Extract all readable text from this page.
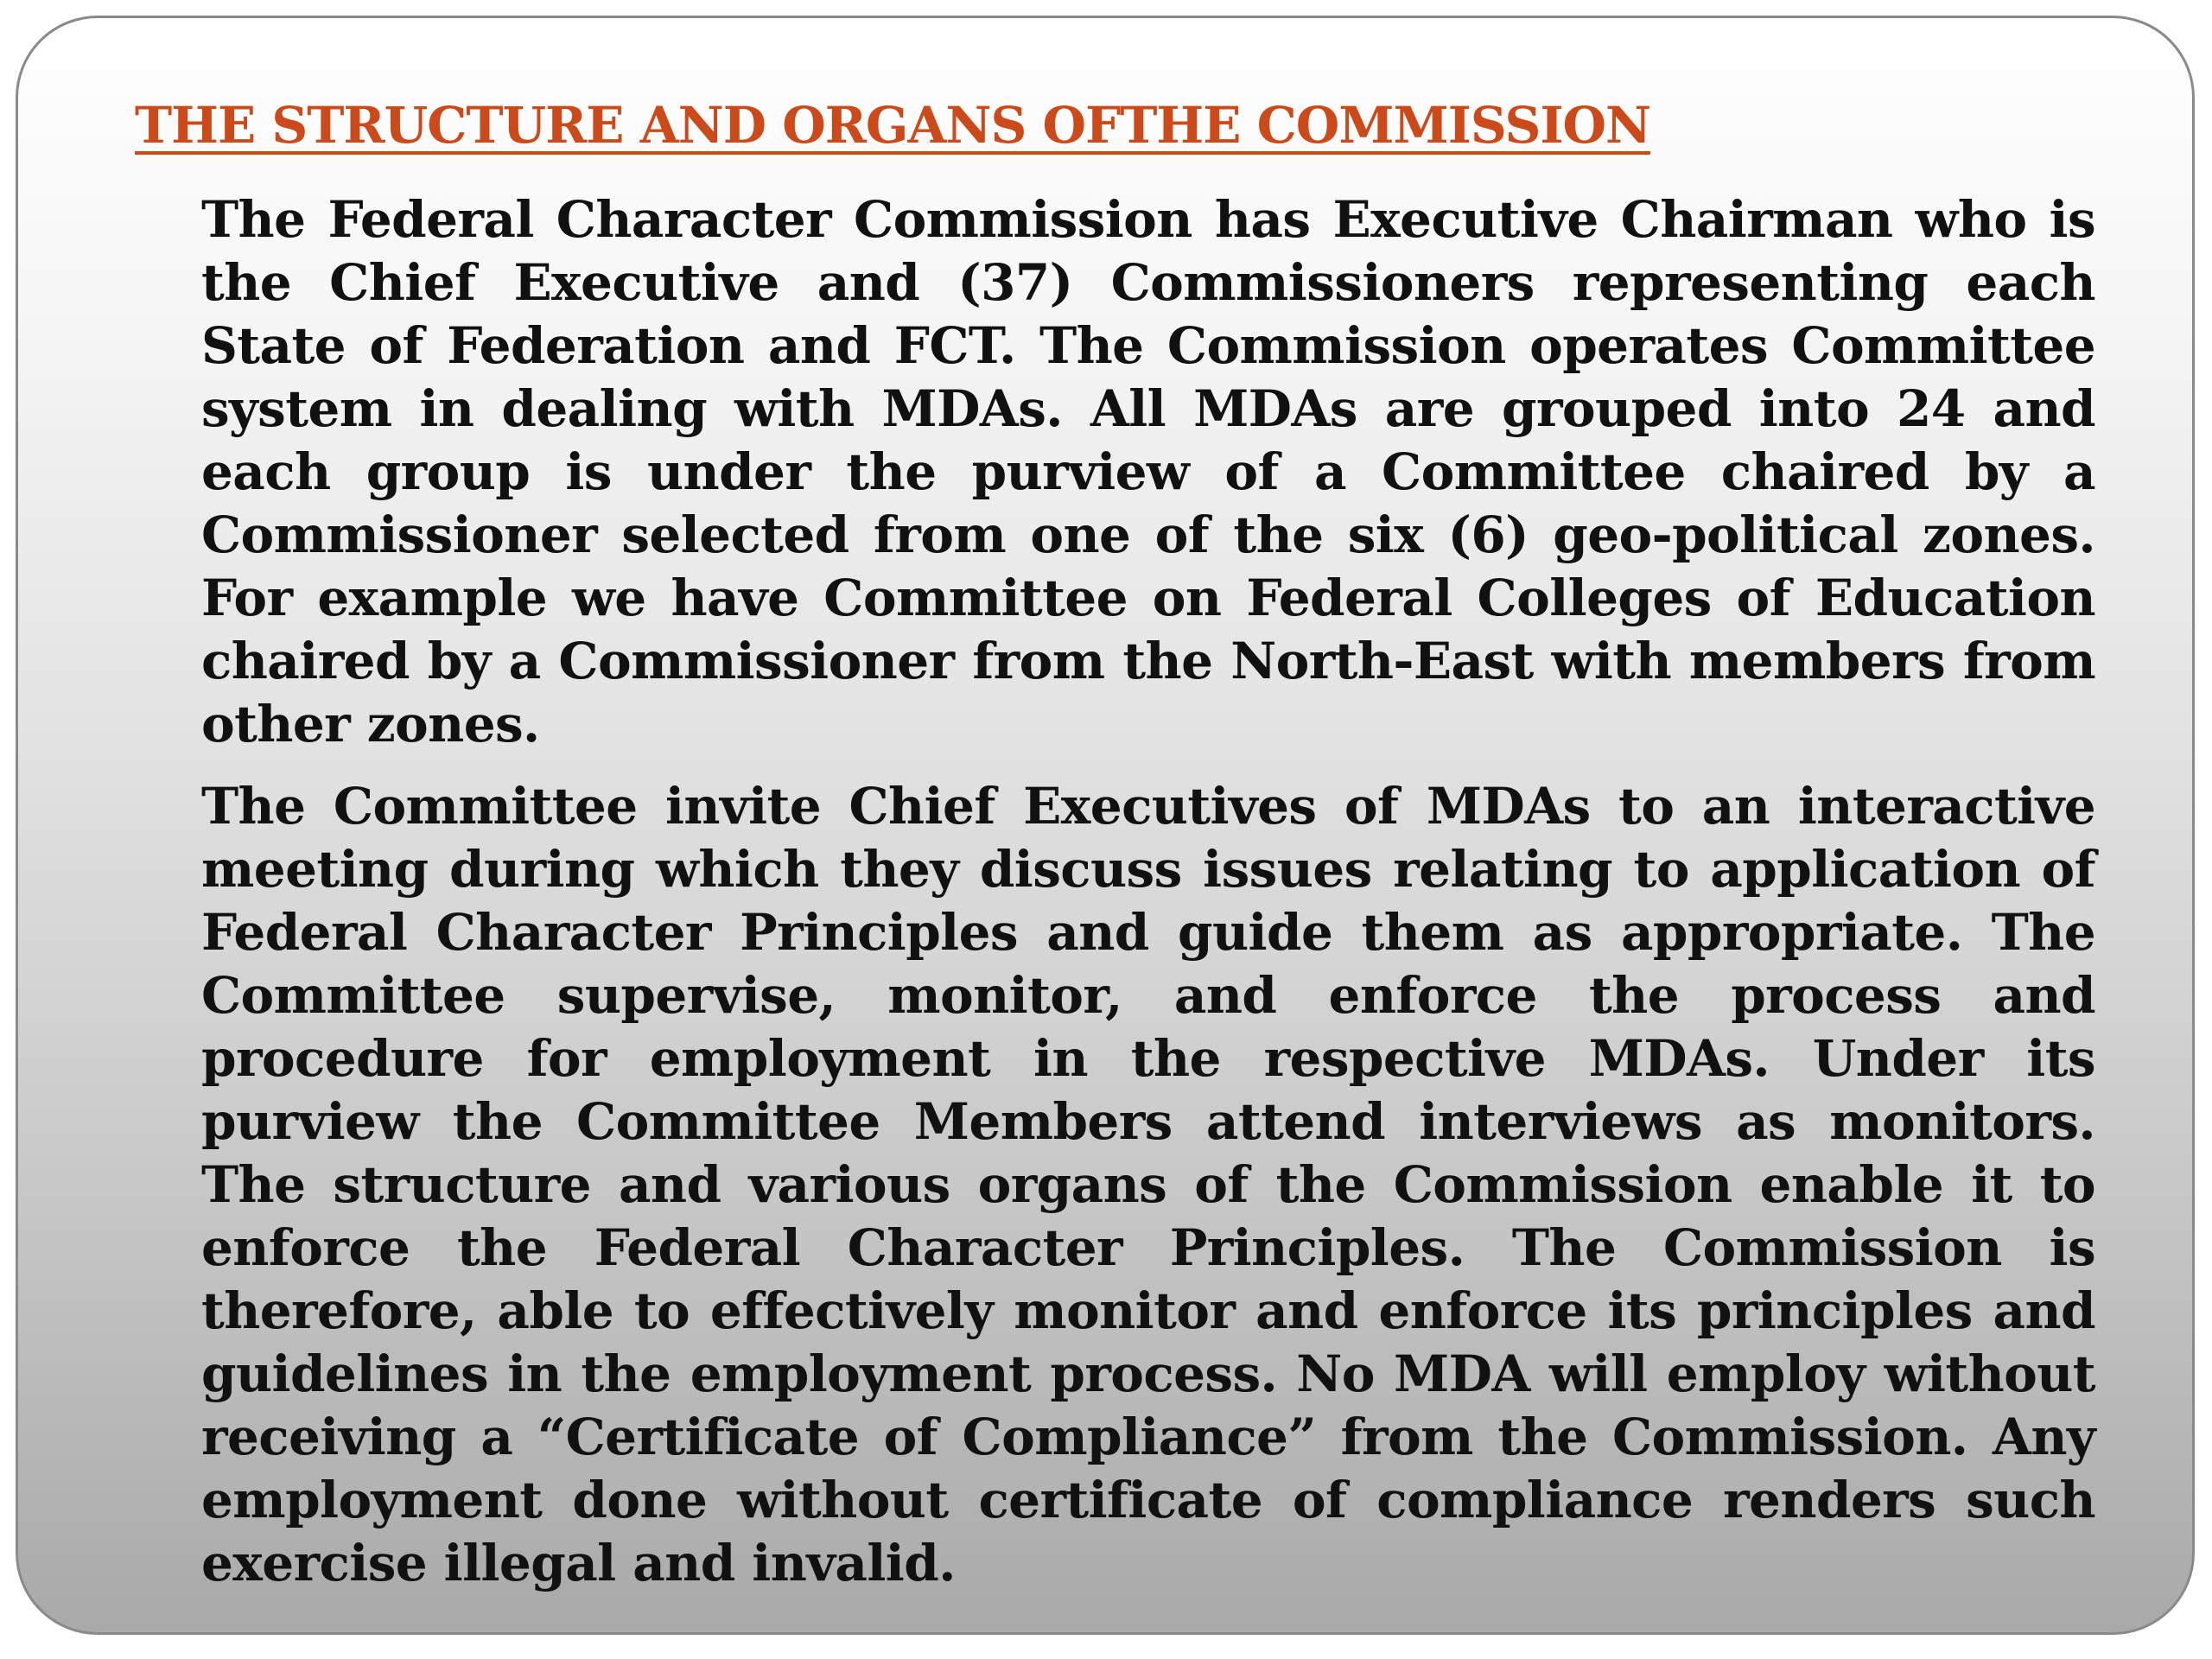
THE STRUCTURE AND ORGANS OFTHE COMMISSION

The Federal Character Commission has Executive Chairman who is the Chief Executive and (37) Commissioners representing each State of Federation and FCT. The Commission operates Committee system in dealing with MDAs. All MDAs are grouped into 24 and each group is under the purview of a Committee chaired by a Commissioner selected from one of the six (6) geo-political zones. For example we have Committee on Federal Colleges of Education chaired by a Commissioner from the North-East with members from other zones.

The Committee invite Chief Executives of MDAs to an interactive meeting during which they discuss issues relating to application of Federal Character Principles and guide them as appropriate. The Committee supervise, monitor, and enforce the process and procedure for employment in the respective MDAs. Under its purview the Committee Members attend interviews as monitors. The structure and various organs of the Commission enable it to enforce the Federal Character Principles. The Commission is therefore, able to effectively monitor and enforce its principles and guidelines in the employment process. No MDA will employ without receiving a “Certificate of Compliance” from the Commission. Any employment done without certificate of compliance renders such exercise illegal and invalid.
